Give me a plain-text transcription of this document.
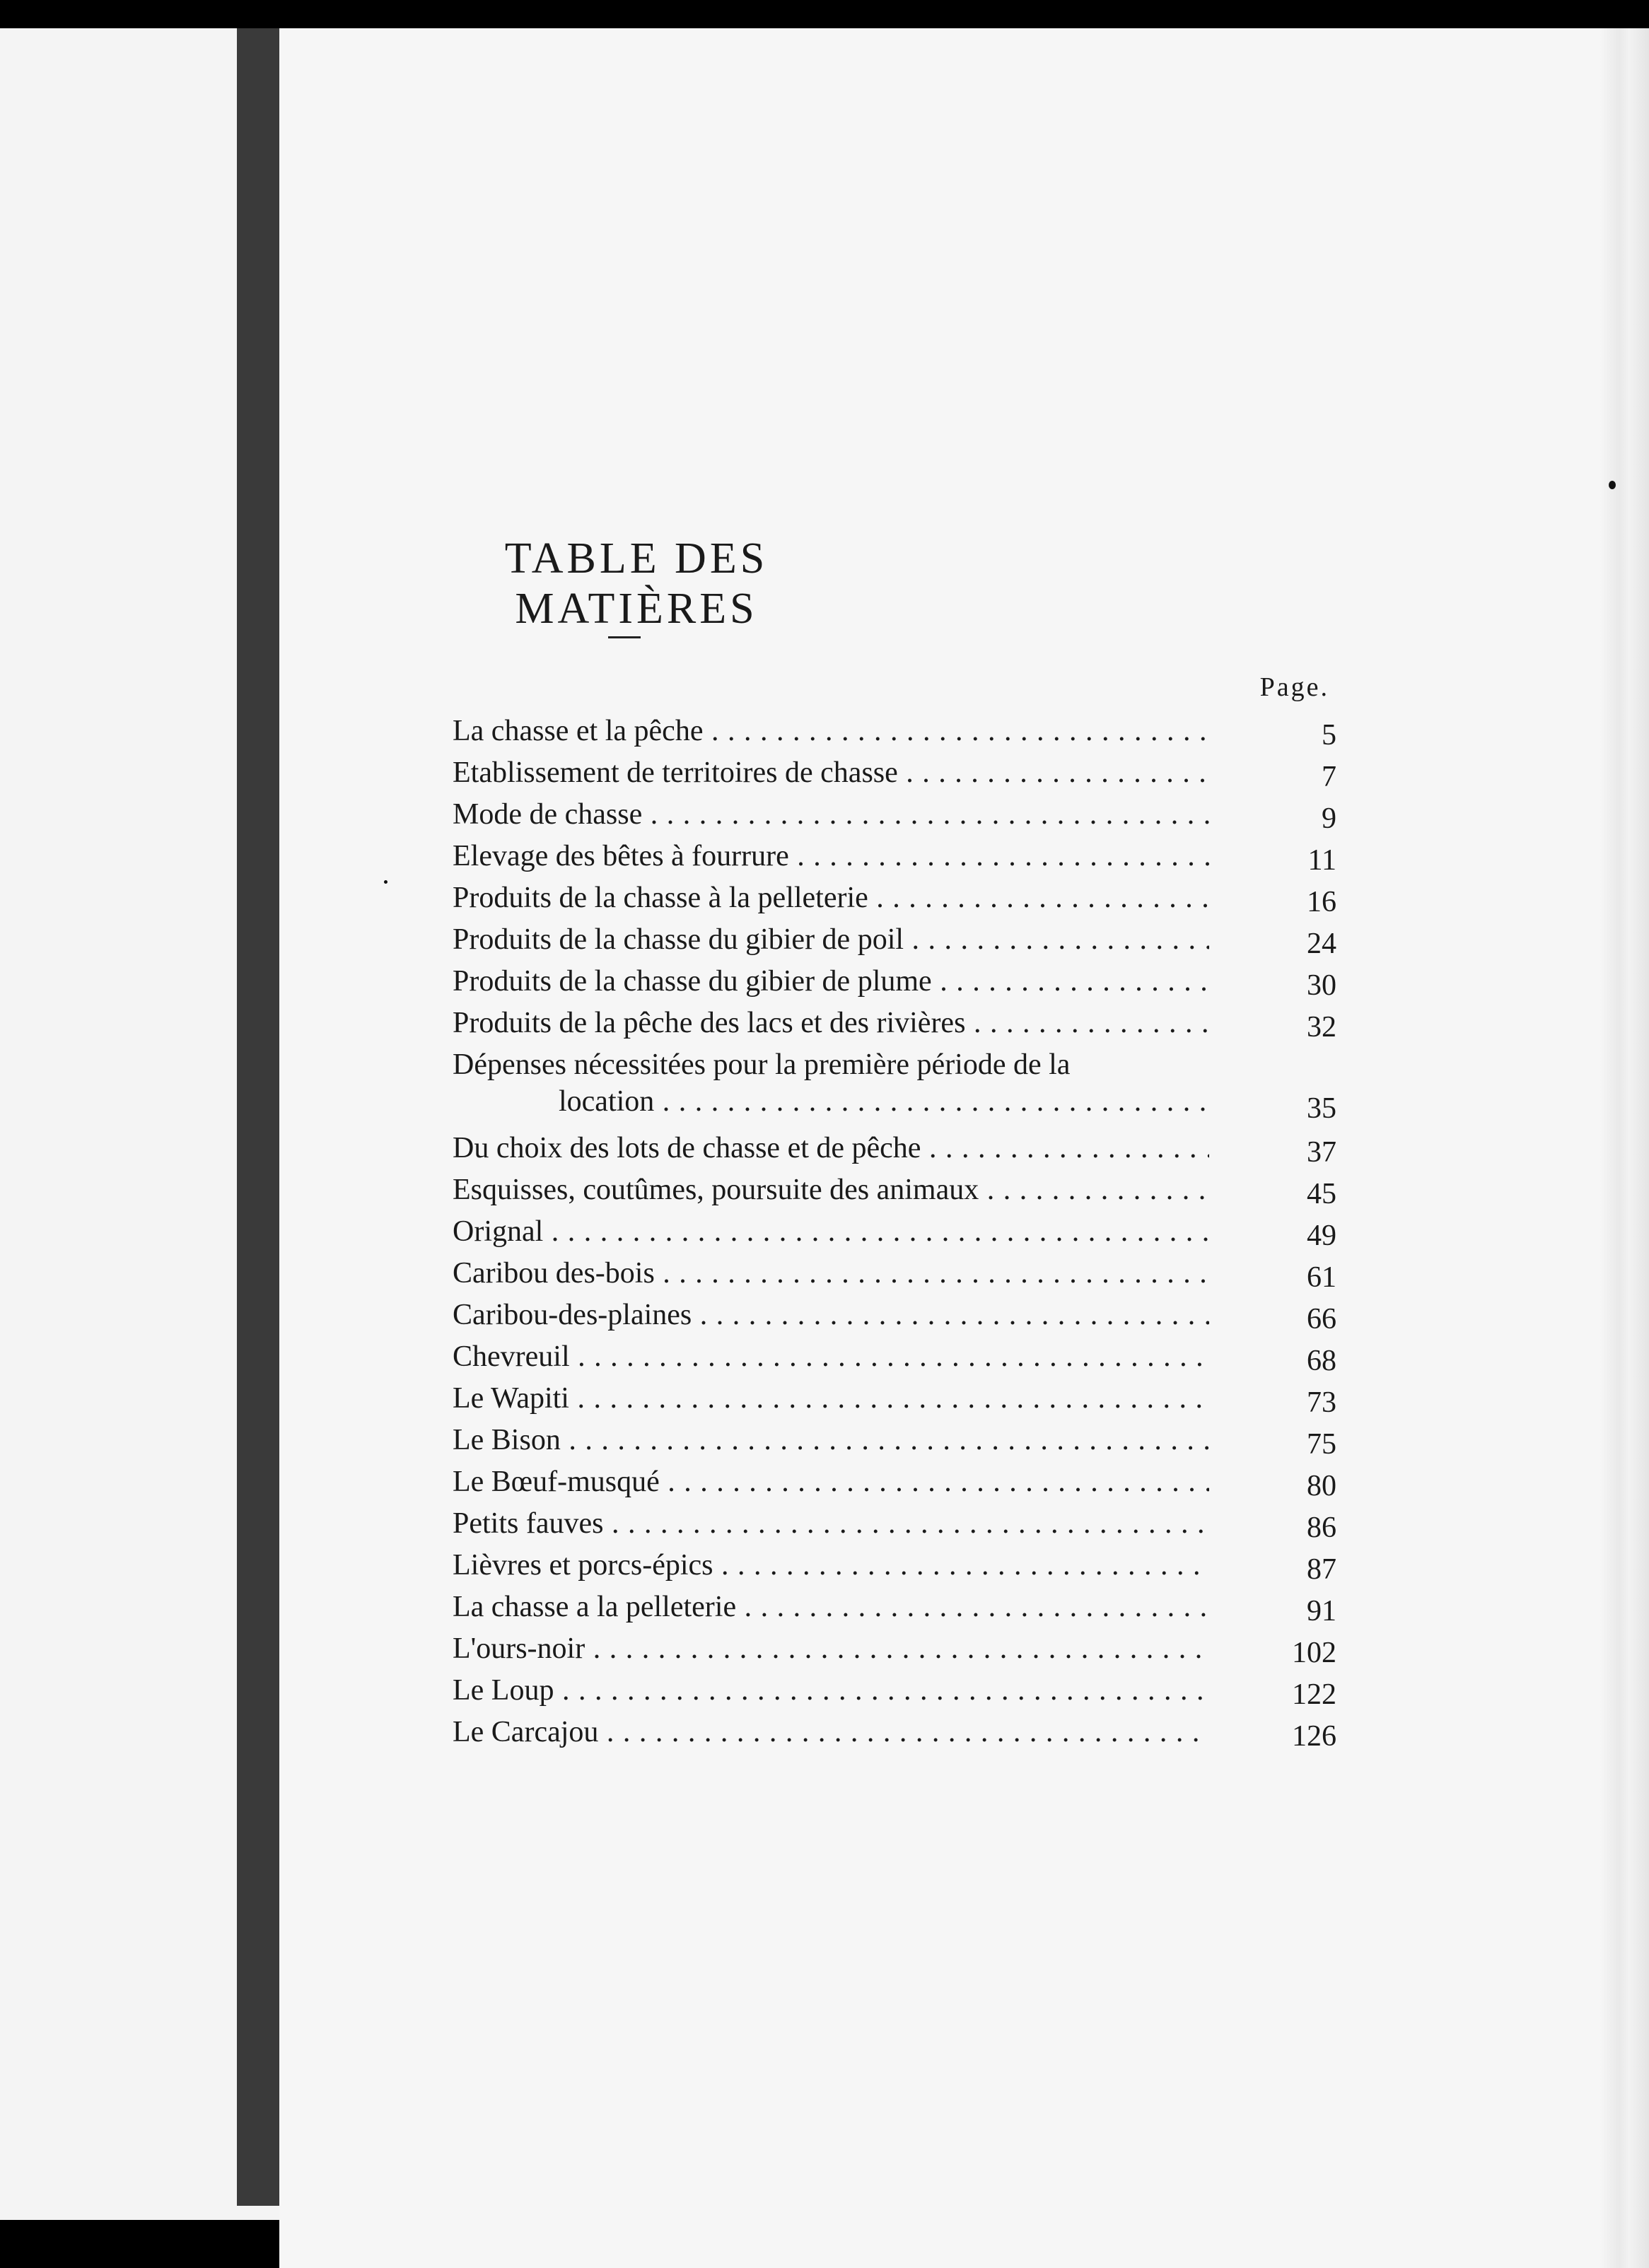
TABLE DES MATIÈRES
Page.
La chasse et la pêche . . .	5
Etablissement de territoires de chasse . . .	7
Mode de chasse . . .	9
Elevage des bêtes à fourrure . . .	11
Produits de la chasse à la pelleterie . . .	16
Produits de la chasse du gibier de poil . . .	24
Produits de la chasse du gibier de plume . . .	30
Produits de la pêche des lacs et des rivières . . .	32
Dépenses nécessitées pour la première période de la
location . . .	35
Du choix des lots de chasse et de pêche . . .	37
Esquisses, coutûmes, poursuite des animaux . . .	45
Orignal . . .	49
Caribou des-bois . . .	61
Caribou-des-plaines . . .	66
Chevreuil . . .	68
Le Wapiti . . .	73
Le Bison . . .	75
Le Bœuf-musqué . . .	80
Petits fauves . . .	86
Lièvres et porcs-épics . . .	87
La chasse a la pelleterie . . .	91
L'ours-noir . . .	102
Le Loup . . .	122
Le Carcajou . . .	126
